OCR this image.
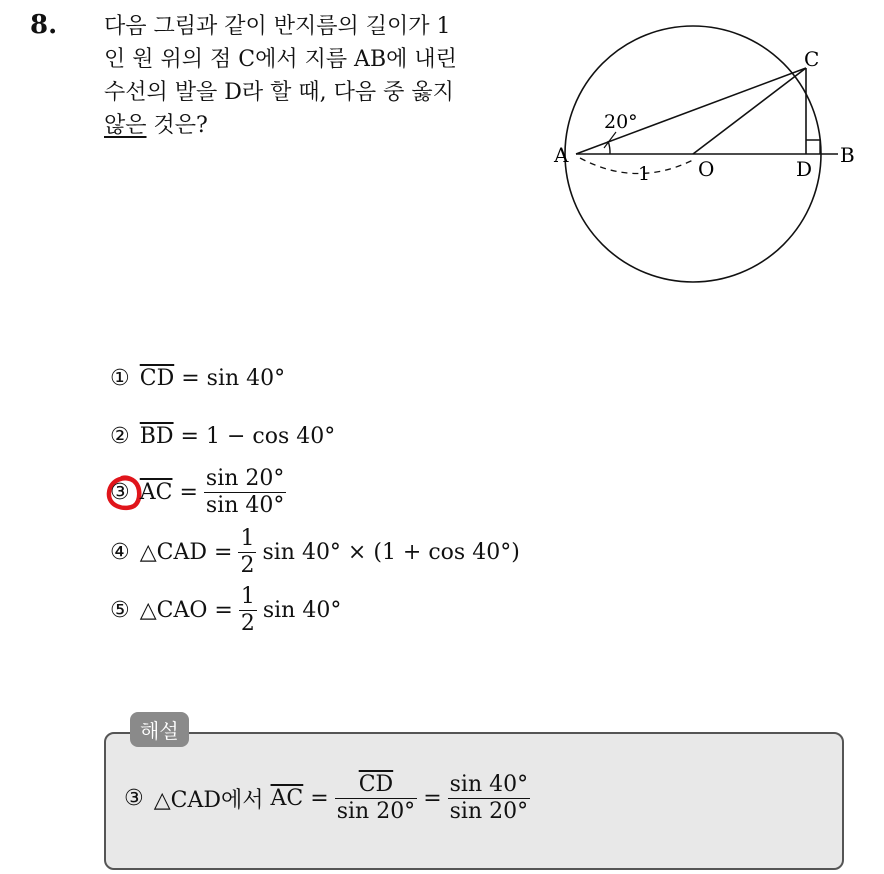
8. 다음 그림과 같이 반지름의 길이가 1
인 원 위의 점 C에서 지름 AB에 내린
수선의 발을 D라 할 때, 다음 중 옳지
않은 것은?
A	B
C
D
O
20°
1
① $\overline{CD}$
=
sin 40°
② $\overline{BD}$
=
1 − cos 40°
③ $\overline{AC}$
= $\frac{\sin 20^\circ}{\sin 40^\circ}$
④ △CAD
= $\frac{1}{2}$ sin 40° × (1 + cos 40°)
⑤ △CAO
= $\frac{1}{2}$ sin 40°
해설
③ △CAD에서
$\overline{AC}$
= $\frac{\overline{CD}}{\sin 20^\circ} = \frac{\sin 40^\circ}{\sin 20^\circ}$
